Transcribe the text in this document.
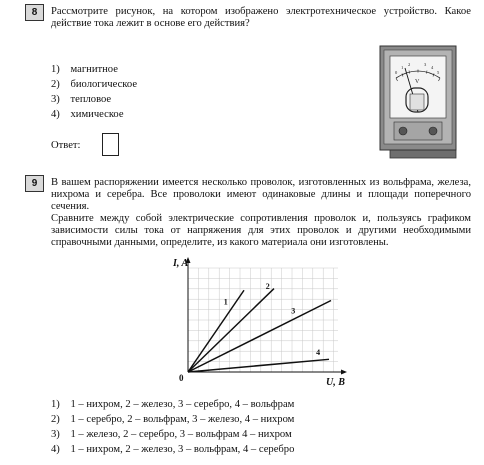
8	Рассмотрите рисунок, на котором изображено электротехническое устройство. Какое действие тока лежит в основе его действия?
1) магнитное
2) биологическое
3) тепловое
4) химическое
Ответ:
0
1
2	3
4
5
V
9	В вашем распоряжении имеется несколько проволок, изготовленных из вольфрама, железа, нихрома и серебра. Все проволоки имеют одинаковые длины и площади поперечного сечения.
Сравните между собой электрические сопротивления проволок и, пользуясь графиком зависимости силы тока от напряжения для этих проволок и другими необходимыми справочными данными, определите, из какого материала они изготовлены.
I, A
U, B
0
1
2
3
4
1) 1 – нихром, 2 – железо, 3 – серебро, 4 – вольфрам
2) 1 – серебро, 2 – вольфрам, 3 – железо, 4 – нихром
3) 1 – железо, 2 – серебро, 3 – вольфрам 4 – нихром
4) 1 – нихром, 2 – железо, 3 – вольфрам, 4 – серебро
